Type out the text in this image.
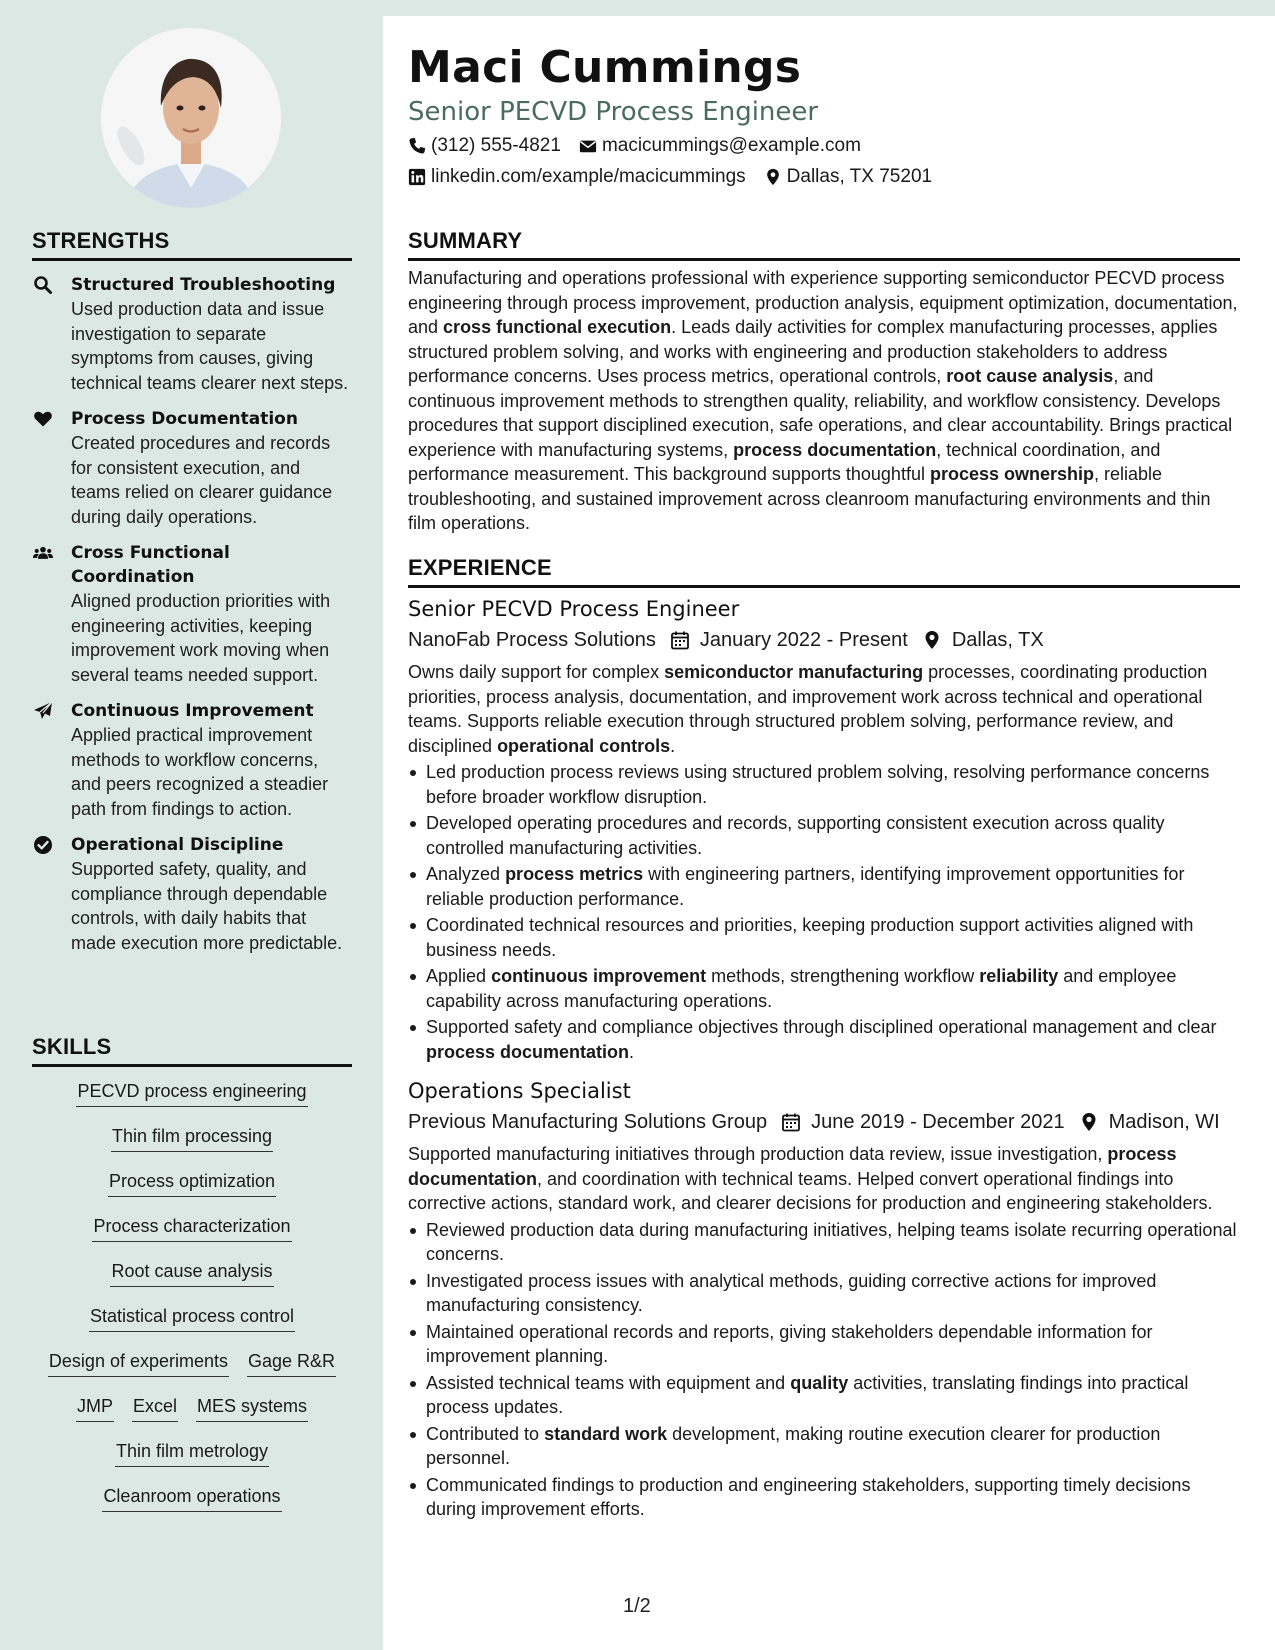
STRENGTHS
Structured Troubleshooting
Used production data and issue investigation to separate symptoms from causes, giving technical teams clearer next steps.
Process Documentation
Created procedures and records for consistent execution, and teams relied on clearer guidance during daily operations.
Cross Functional Coordination
Aligned production priorities with engineering activities, keeping improvement work moving when several teams needed support.
Continuous Improvement
Applied practical improvement methods to workflow concerns, and peers recognized a steadier path from findings to action.
Operational Discipline
Supported safety, quality, and compliance through dependable controls, with daily habits that made execution more predictable.
SKILLS
PECVD process engineering
Thin film processing
Process optimization
Process characterization
Root cause analysis
Statistical process control
Design of experiments Gage R&R
JMP Excel MES systems
Thin film metrology
Cleanroom operations
Maci Cummings
Senior PECVD Process Engineer
(312) 555-4821 macicummings@example.com
linkedin.com/example/macicummings Dallas, TX 75201
SUMMARY
Manufacturing and operations professional with experience supporting semiconductor PECVD process engineering through process improvement, production analysis, equipment optimization, documentation, and cross functional execution. Leads daily activities for complex manufacturing processes, applies structured problem solving, and works with engineering and production stakeholders to address performance concerns. Uses process metrics, operational controls, root cause analysis, and continuous improvement methods to strengthen quality, reliability, and workflow consistency. Develops procedures that support disciplined execution, safe operations, and clear accountability. Brings practical experience with manufacturing systems, process documentation, technical coordination, and performance measurement. This background supports thoughtful process ownership, reliable troubleshooting, and sustained improvement across cleanroom manufacturing environments and thin film operations.
EXPERIENCE
Senior PECVD Process Engineer
NanoFab Process Solutions January 2022 - Present Dallas, TX
Owns daily support for complex semiconductor manufacturing processes, coordinating production priorities, process analysis, documentation, and improvement work across technical and operational teams. Supports reliable execution through structured problem solving, performance review, and disciplined operational controls.
Led production process reviews using structured problem solving, resolving performance concerns before broader workflow disruption.
Developed operating procedures and records, supporting consistent execution across quality controlled manufacturing activities.
Analyzed process metrics with engineering partners, identifying improvement opportunities for reliable production performance.
Coordinated technical resources and priorities, keeping production support activities aligned with business needs.
Applied continuous improvement methods, strengthening workflow reliability and employee capability across manufacturing operations.
Supported safety and compliance objectives through disciplined operational management and clear process documentation.
Operations Specialist
Previous Manufacturing Solutions Group June 2019 - December 2021 Madison, WI
Supported manufacturing initiatives through production data review, issue investigation, process documentation, and coordination with technical teams. Helped convert operational findings into corrective actions, standard work, and clearer decisions for production and engineering stakeholders.
Reviewed production data during manufacturing initiatives, helping teams isolate recurring operational concerns.
Investigated process issues with analytical methods, guiding corrective actions for improved manufacturing consistency.
Maintained operational records and reports, giving stakeholders dependable information for improvement planning.
Assisted technical teams with equipment and quality activities, translating findings into practical process updates.
Contributed to standard work development, making routine execution clearer for production personnel.
Communicated findings to production and engineering stakeholders, supporting timely decisions during improvement efforts.
1/2
